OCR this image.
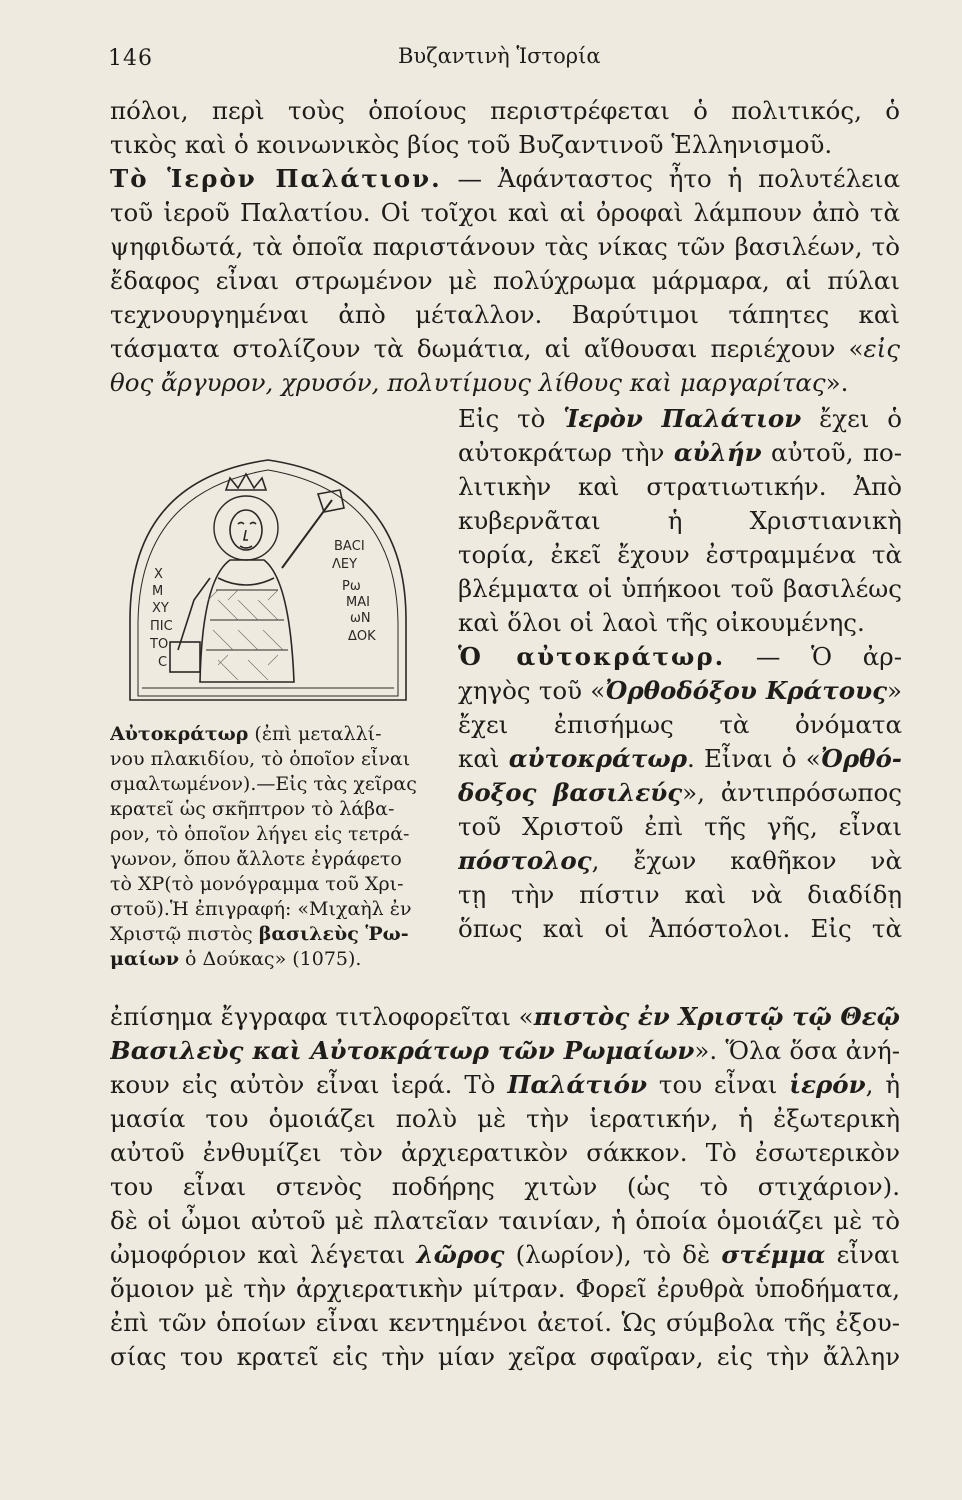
146	Βυζαντινὴ Ἱστορία
πόλοι, περὶ τοὺς ὁποίους περιστρέφεται ὁ πολιτικός, ὁ
τικὸς καὶ ὁ κοινωνικὸς βίος τοῦ Βυζαντινοῦ Ἑλληνισμοῦ.
Τὸ Ἱερὸν Παλάτιον. — Ἀφάνταστος ἦτο ἡ πολυτέλεια
τοῦ ἱεροῦ Παλατίου. Οἱ τοῖχοι καὶ αἱ ὀροφαὶ λάμπουν ἀπὸ τὰ
ψηφιδωτά, τὰ ὁποῖα παριστάνουν τὰς νίκας τῶν βασιλέων, τὸ
ἔδαφος εἶναι στρωμένον μὲ πολύχρωμα μάρμαρα, αἱ πύλαι
τεχνουργημέναι ἀπὸ μέταλλον. Βαρύτιμοι τάπητες καὶ
τάσματα στολίζουν τὰ δωμάτια, αἱ αἴθουσαι περιέχουν «εἰς
θος ἄργυρον, χρυσόν, πολυτίμους λίθους καὶ μαργαρίτας».
Χ
Μ
ΧΥ
ΠΙC
ΤΟ
C
ΒΑCΙ
ΛΕΥ
Ρω
ΜΑΙ
ωΝ
ΔΟΚ
Εἰς τὸ Ἱερὸν Παλάτιον ἔχει ὁ
αὐτοκράτωρ τὴν αὐλήν αὐτοῦ, πο-
λιτικὴν καὶ στρατιωτικήν. Ἀπὸ
κυβερνᾶται ἡ Χριστιανικὴ
τορία, ἐκεῖ ἔχουν ἐστραμμένα τὰ
βλέμματα οἱ ὑπήκοοι τοῦ βασιλέως
καὶ ὅλοι οἱ λαοὶ τῆς οἰκουμένης.
Ὁ αὐτοκράτωρ. — Ὁ ἀρ-
χηγὸς τοῦ «Ὀρθοδόξου Κράτους»
ἔχει ἐπισήμως τὰ ὀνόματα
καὶ αὐτοκράτωρ. Εἶναι ὁ «Ὀρθό-
δοξος βασιλεύς», ἀντιπρόσωπος
τοῦ Χριστοῦ ἐπὶ τῆς γῆς, εἶναι
πόστολος, ἔχων καθῆκον νὰ
τῃ τὴν πίστιν καὶ νὰ διαδίδῃ
ὅπως καὶ οἱ Ἀπόστολοι. Εἰς τὰ
Αὐτοκράτωρ (ἐπὶ μεταλλί-
νου πλακιδίου, τὸ ὁποῖον εἶναι
σμαλτωμένον).—Εἰς τὰς χεῖρας
κρατεῖ ὡς σκῆπτρον τὸ λάβα-
ρον, τὸ ὁποῖον λήγει εἰς τετρά-
γωνον, ὅπου ἄλλοτε ἐγράφετο
τὸ ΧΡ(τὸ μονόγραμμα τοῦ Χρι-
στοῦ).Ἡ ἐπιγραφή: «Μιχαὴλ ἐν
Χριστῷ πιστὸς βασιλεὺς Ῥω-
μαίων ὁ Δούκας» (1075).
ἐπίσημα ἔγγραφα τιτλοφορεῖται «πιστὸς ἐν Χριστῷ τῷ Θεῷ
Βασιλεὺς καὶ Αὐτοκράτωρ τῶν Ρωμαίων». Ὅλα ὅσα ἀνή-
κουν εἰς αὐτὸν εἶναι ἱερά. Τὸ Παλάτιόν του εἶναι ἱερόν, ἡ
μασία του ὁμοιάζει πολὺ μὲ τὴν ἱερατικήν, ἡ ἐξωτερικὴ
αὐτοῦ ἐνθυμίζει τὸν ἀρχιερατικὸν σάκκον. Τὸ ἐσωτερικὸν
του εἶναι στενὸς ποδήρης χιτὼν (ὡς τὸ στιχάριον).
δὲ οἱ ὦμοι αὐτοῦ μὲ πλατεῖαν ταινίαν, ἡ ὁποία ὁμοιάζει μὲ τὸ
ὠμοφόριον καὶ λέγεται λῶρος (λωρίον), τὸ δὲ στέμμα εἶναι
ὅμοιον μὲ τὴν ἀρχιερατικὴν μίτραν. Φορεῖ ἐρυθρὰ ὑποδήματα,
ἐπὶ τῶν ὁποίων εἶναι κεντημένοι ἀετοί. Ὡς σύμβολα τῆς ἐξου-
σίας του κρατεῖ εἰς τὴν μίαν χεῖρα σφαῖραν, εἰς τὴν ἄλλην
